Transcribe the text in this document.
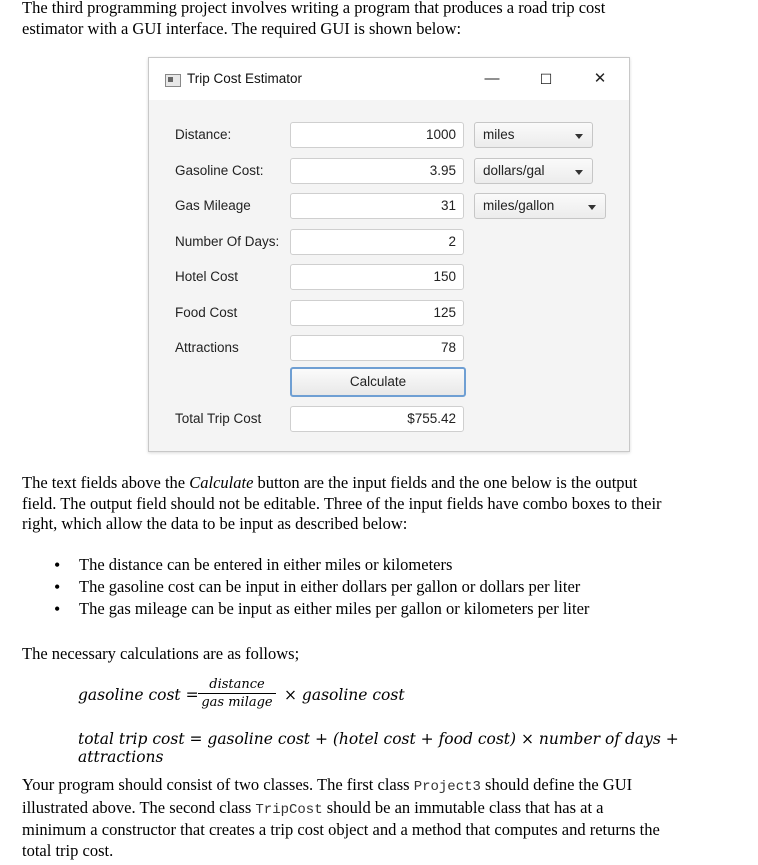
The third programming project involves writing a program that produces a road trip cost
estimator with a GUI interface. The required GUI is shown below:

Trip Cost Estimator	—	☐	✕
Distance:	1000	miles
Gasoline Cost:	3.95	dollars/gal
Gas Mileage	31	miles/gallon
Number Of Days:	2
Hotel Cost	150
Food Cost	125
Attractions	78
Calculate
Total Trip Cost	$755.42

The text fields above the Calculate button are the input fields and the one below is the output
field. The output field should not be editable. Three of the input fields have combo boxes to their
right, which allow the data to be input as described below:

• The distance can be entered in either miles or kilometers
• The gasoline cost can be input in either dollars per gallon or dollars per liter
• The gas mileage can be input as either miles per gallon or kilometers per liter

The necessary calculations are as follows;

gasoline cost =
distance
gas milage × gasoline cost
total trip cost = gasoline cost + (hotel cost + food cost) × number of days + attractions

Your program should consist of two classes. The first class Project3 should define the GUI
illustrated above. The second class TripCost should be an immutable class that has at a
minimum a constructor that creates a trip cost object and a method that computes and returns the
total trip cost.
